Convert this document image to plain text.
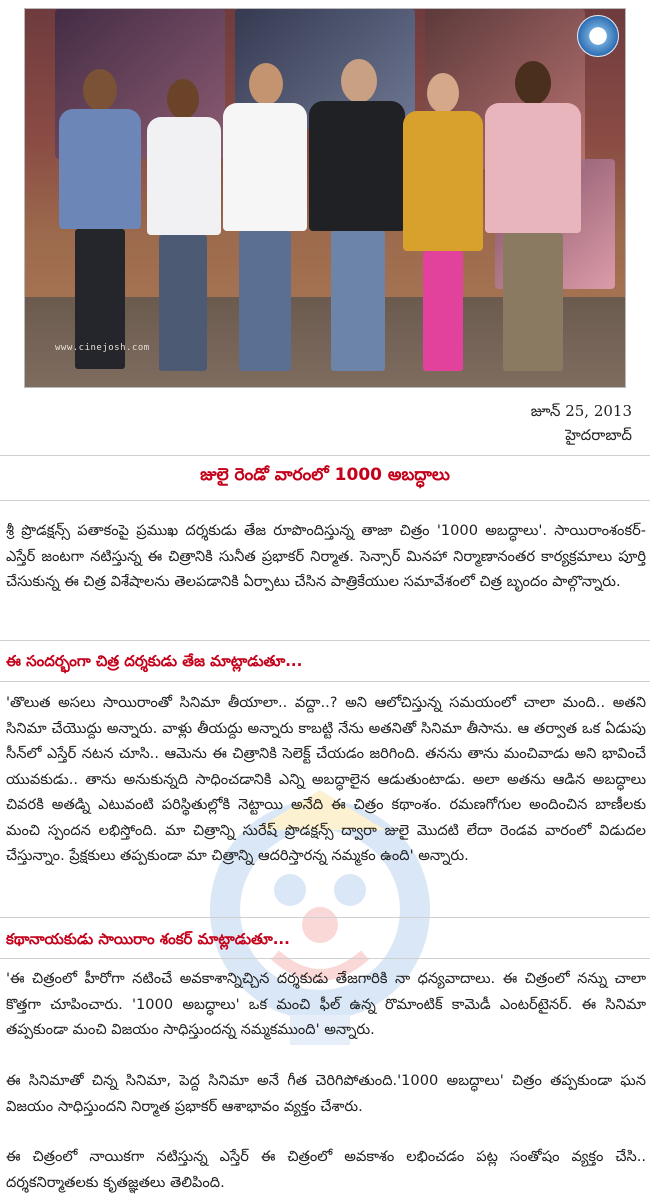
www.cinejosh.com
జూన్ 25, 2013
హైదరాబాద్
జులై రెండో వారంలో 1000 అబద్ధాలు

శ్రీ ప్రొడక్షన్స్ పతాకంపై ప్రముఖ దర్శకుడు తేజ రూపొందిస్తున్న తాజా చిత్రం '1000 అబద్ధాలు'. సాయిరాంశంకర్-ఎస్తేర్ జంటగా నటిస్తున్న ఈ చిత్రానికి సునీత ప్రభాకర్ నిర్మాత. సెన్సార్ మినహా నిర్మాణానంతర కార్యక్రమాలు పూర్తి చేసుకున్న ఈ చిత్ర విశేషాలను తెలపడానికి ఏర్పాటు చేసిన పాత్రికేయుల సమావేశంలో చిత్ర బృందం పాల్గొన్నారు.

ఈ సందర్భంగా చిత్ర దర్శకుడు తేజ మాట్లాడుతూ...

'తొలుత అసలు సాయిరాంతో సినిమా తీయాలా.. వద్దా..? అని ఆలోచిస్తున్న సమయంలో చాలా మంది.. అతని సినిమా చేయొద్దు అన్నారు. వాళ్లు తీయద్దు అన్నారు కాబట్టి నేను అతనితో సినిమా తీసాను. ఆ తర్వాత ఒక ఏడుపు సీన్‌లో ఎస్తేర్ నటన చూసి.. ఆమెను ఈ చిత్రానికి సెలెక్ట్ చేయడం జరిగింది. తనను తాను మంచివాడు అని భావించే యువకుడు.. తాను అనుకున్నది సాధించడానికి ఎన్ని అబద్ధాలైన ఆడుతుంటాడు. అలా అతను ఆడిన అబద్ధాలు చివరకి అతడ్ని ఎటువంటి పరిస్థితుల్లోకి నెట్టాయి అనేది ఈ చిత్రం కథాంశం. రమణగోగుల అందించిన బాణీలకు మంచి స్పందన లభిస్తోంది. మా చిత్రాన్ని సురేష్ ప్రొడక్షన్స్ ద్వారా జులై మొదటి లేదా రెండవ వారంలో విడుదల చేస్తున్నాం. ప్రేక్షకులు తప్పకుండా మా చిత్రాన్ని ఆదరిస్తారన్న నమ్మకం ఉంది' అన్నారు.

కథానాయకుడు సాయిరాం శంకర్ మాట్లాడుతూ...

'ఈ చిత్రంలో హీరోగా నటించే అవకాశాన్నిచ్చిన దర్శకుడు తేజగారికి నా ధన్యవాదాలు. ఈ చిత్రంలో నన్ను చాలా కొత్తగా చూపించారు. '1000 అబద్ధాలు' ఒక మంచి ఫీల్ ఉన్న రొమాంటిక్ కామెడీ ఎంటర్‌టైనర్. ఈ సినిమా తప్పకుండా మంచి విజయం సాధిస్తుందన్న నమ్మకముంది' అన్నారు.

ఈ సినిమాతో చిన్న సినిమా, పెద్ద సినిమా అనే గీత చెరిగిపోతుంది.'1000 అబద్ధాలు' చిత్రం తప్పకుండా ఘన విజయం సాధిస్తుందని నిర్మాత ప్రభాకర్ ఆశాభావం వ్యక్తం చేశారు.

ఈ చిత్రంలో నాయికగా నటిస్తున్న ఎస్తేర్ ఈ చిత్రంలో అవకాశం లభించడం పట్ల సంతోషం వ్యక్తం చేసి.. దర్శకనిర్మాతలకు కృతజ్ఞతలు తెలిపింది.
